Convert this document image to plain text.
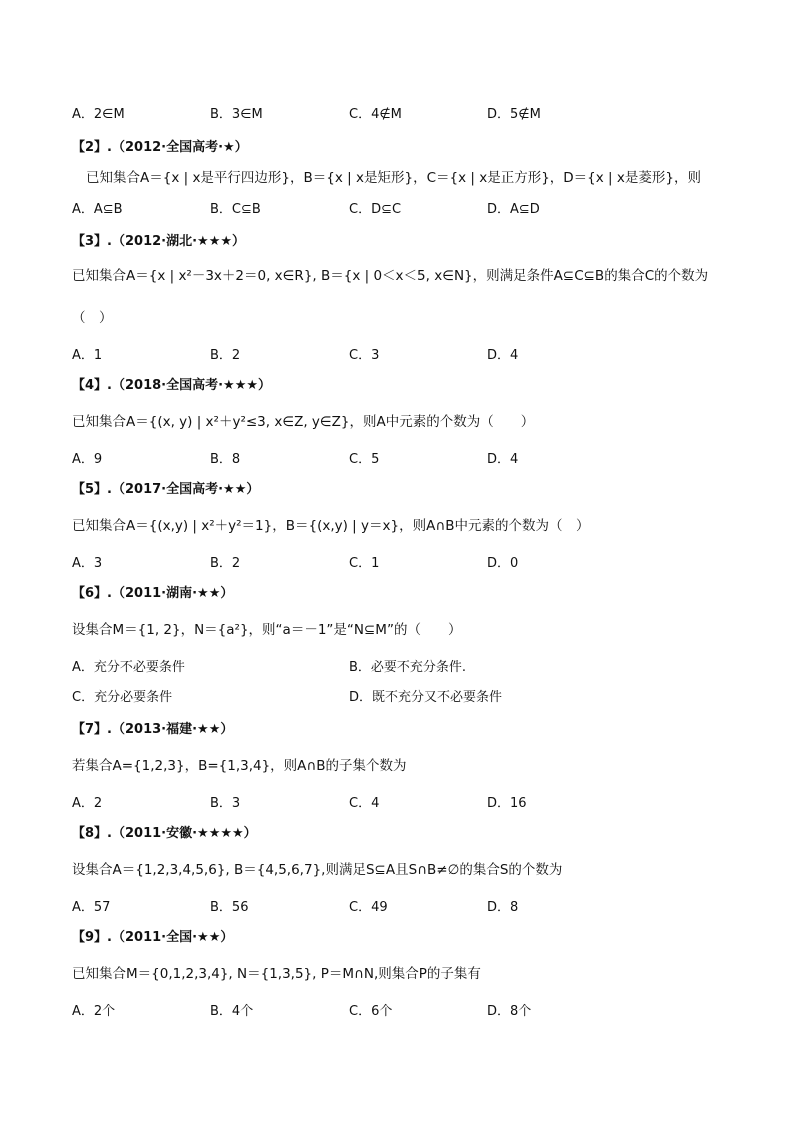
A．2∈M	B．3∈M	C．4∉M	D．5∉M
【2】.（2012·全国高考·★）
已知集合A＝{x | x是平行四边形}，B＝{x | x是矩形}，C＝{x | x是正方形}，D＝{x | x是菱形}，则
A．A⊆B	B．C⊆B	C．D⊆C	D．A⊆D
【3】.（2012·湖北·★★★）
已知集合A＝{x | x²－3x＋2＝0, x∈R}, B＝{x | 0＜x＜5, x∈N}，则满足条件A⊆C⊆B的集合C的个数为
（　）
A．1	B．2	C．3	D．4
【4】.（2018·全国高考·★★★）
已知集合A＝{(x, y) | x²＋y²≤3, x∈Z, y∈Z}，则A中元素的个数为（　　）
A．9	B．8	C．5	D．4
【5】.（2017·全国高考·★★）
已知集合A＝{(x,y) | x²＋y²＝1}，B＝{(x,y) | y＝x}，则A∩B中元素的个数为（　）
A．3	B．2	C．1	D．0
【6】.（2011·湖南·★★）
设集合M＝{1, 2}，N＝{a²}，则“a＝－1”是“N⊆M”的（　　）
A．充分不必要条件	B．必要不充分条件.
C．充分必要条件	D．既不充分又不必要条件
【7】.（2013·福建·★★）
若集合A={1,2,3}，B={1,3,4}，则A∩B的子集个数为
A．2	B．3	C．4	D．16
【8】.（2011·安徽·★★★★）
设集合A＝{1,2,3,4,5,6}, B＝{4,5,6,7},则满足S⊆A且S∩B≠∅的集合S的个数为
A．57	B．56	C．49	D．8
【9】.（2011·全国·★★）
已知集合M＝{0,1,2,3,4}, N＝{1,3,5}, P＝M∩N,则集合P的子集有
A．2个	B．4个	C．6个	D．8个
